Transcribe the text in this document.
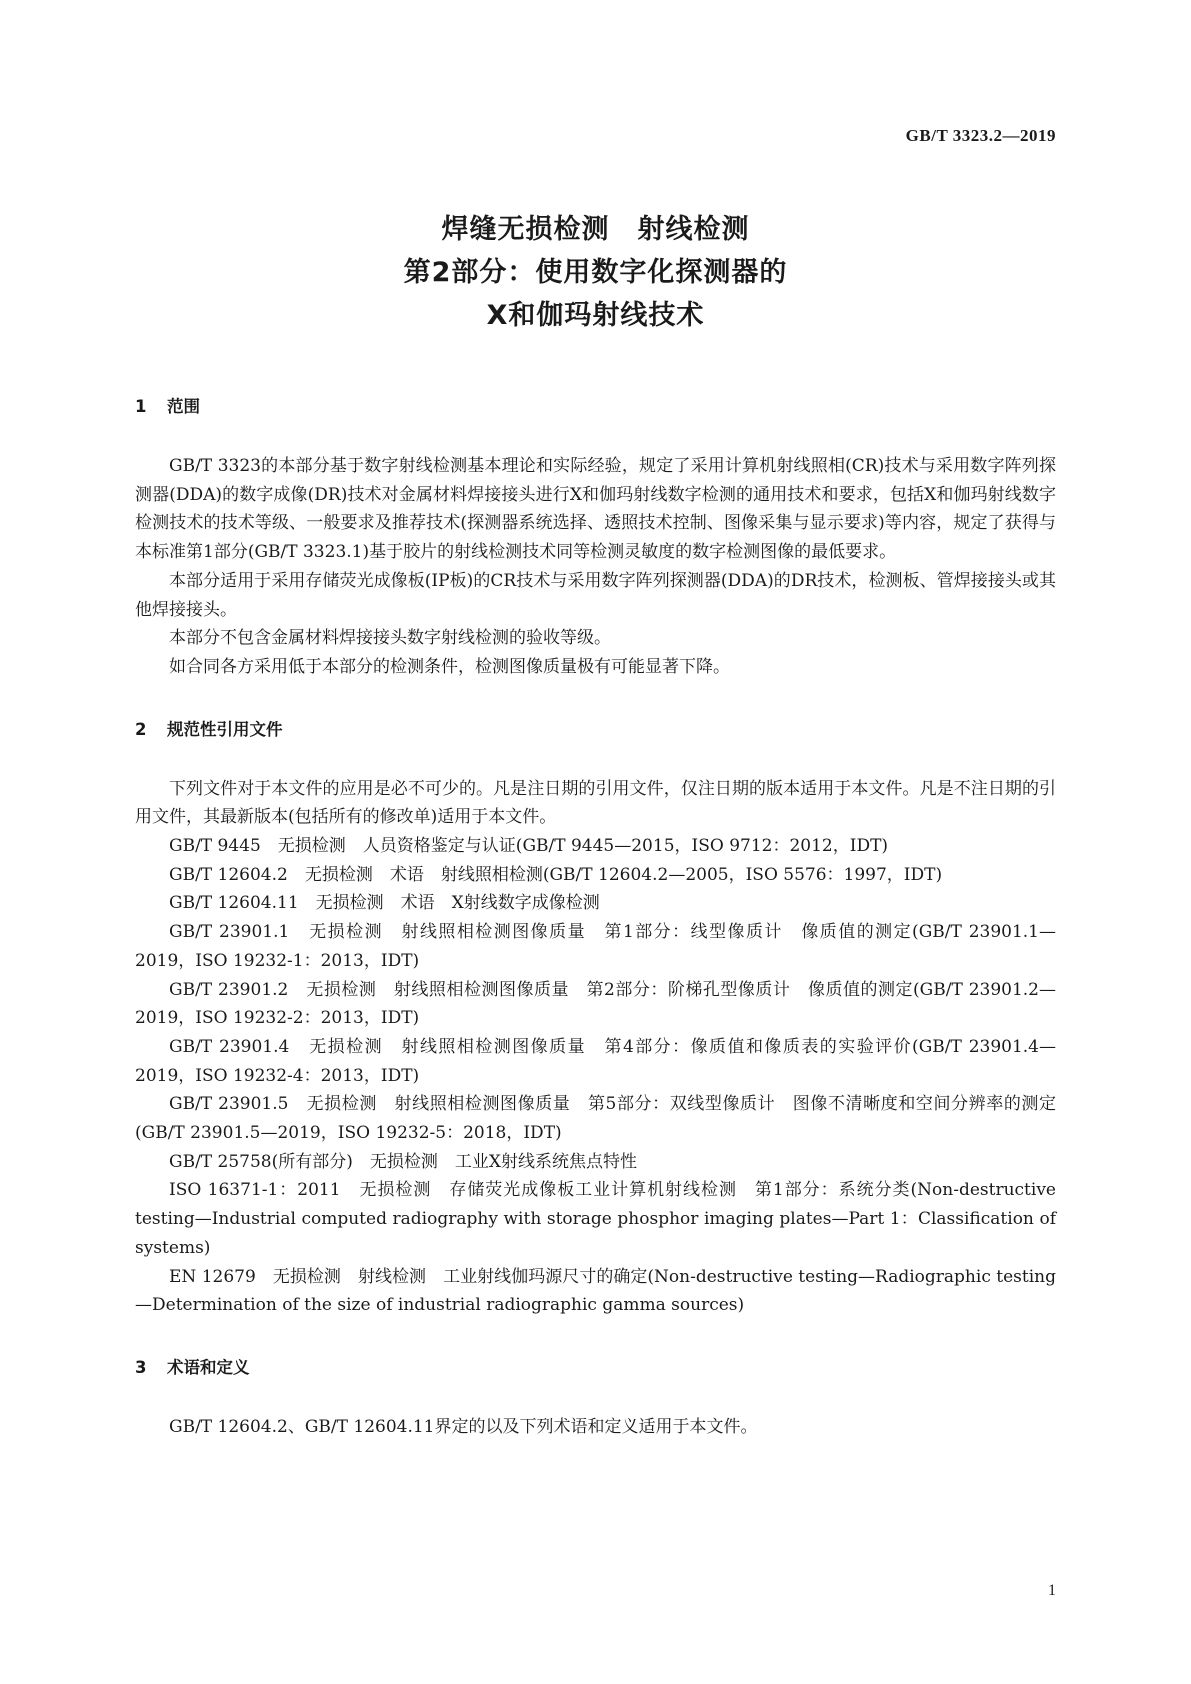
GB/T 3323.2—2019
焊缝无损检测　射线检测
第2部分：使用数字化探测器的
X和伽玛射线技术
1 范围

GB/T 3323的本部分基于数字射线检测基本理论和实际经验，规定了采用计算机射线照相(CR)技术与采用数字阵列探测器(DDA)的数字成像(DR)技术对金属材料焊接接头进行X和伽玛射线数字检测的通用技术和要求，包括X和伽玛射线数字检测技术的技术等级、一般要求及推荐技术(探测器系统选择、透照技术控制、图像采集与显示要求)等内容，规定了获得与本标准第1部分(GB/T 3323.1)基于胶片的射线检测技术同等检测灵敏度的数字检测图像的最低要求。

本部分适用于采用存储荧光成像板(IP板)的CR技术与采用数字阵列探测器(DDA)的DR技术，检测板、管焊接接头或其他焊接接头。

本部分不包含金属材料焊接接头数字射线检测的验收等级。

如合同各方采用低于本部分的检测条件，检测图像质量极有可能显著下降。

2 规范性引用文件

下列文件对于本文件的应用是必不可少的。凡是注日期的引用文件，仅注日期的版本适用于本文件。凡是不注日期的引用文件，其最新版本(包括所有的修改单)适用于本文件。

GB/T 9445　无损检测　人员资格鉴定与认证(GB/T 9445—2015，ISO 9712：2012，IDT)

GB/T 12604.2　无损检测　术语　射线照相检测(GB/T 12604.2—2005，ISO 5576：1997，IDT)

GB/T 12604.11　无损检测　术语　X射线数字成像检测

GB/T 23901.1　无损检测　射线照相检测图像质量　第1部分：线型像质计　像质值的测定(GB/T 23901.1—2019，ISO 19232-1：2013，IDT)

GB/T 23901.2　无损检测　射线照相检测图像质量　第2部分：阶梯孔型像质计　像质值的测定(GB/T 23901.2—2019，ISO 19232-2：2013，IDT)

GB/T 23901.4　无损检测　射线照相检测图像质量　第4部分：像质值和像质表的实验评价(GB/T 23901.4—2019，ISO 19232-4：2013，IDT)

GB/T 23901.5　无损检测　射线照相检测图像质量　第5部分：双线型像质计　图像不清晰度和空间分辨率的测定(GB/T 23901.5—2019，ISO 19232-5：2018，IDT)

GB/T 25758(所有部分)　无损检测　工业X射线系统焦点特性

ISO 16371-1：2011　无损检测　存储荧光成像板工业计算机射线检测　第1部分：系统分类(Non-destructive testing—Industrial computed radiography with storage phosphor imaging plates—Part 1：Classification of systems)

EN 12679　无损检测　射线检测　工业射线伽玛源尺寸的确定(Non-destructive testing—Radiographic testing—Determination of the size of industrial radiographic gamma sources)

3 术语和定义

GB/T 12604.2、GB/T 12604.11界定的以及下列术语和定义适用于本文件。

1
